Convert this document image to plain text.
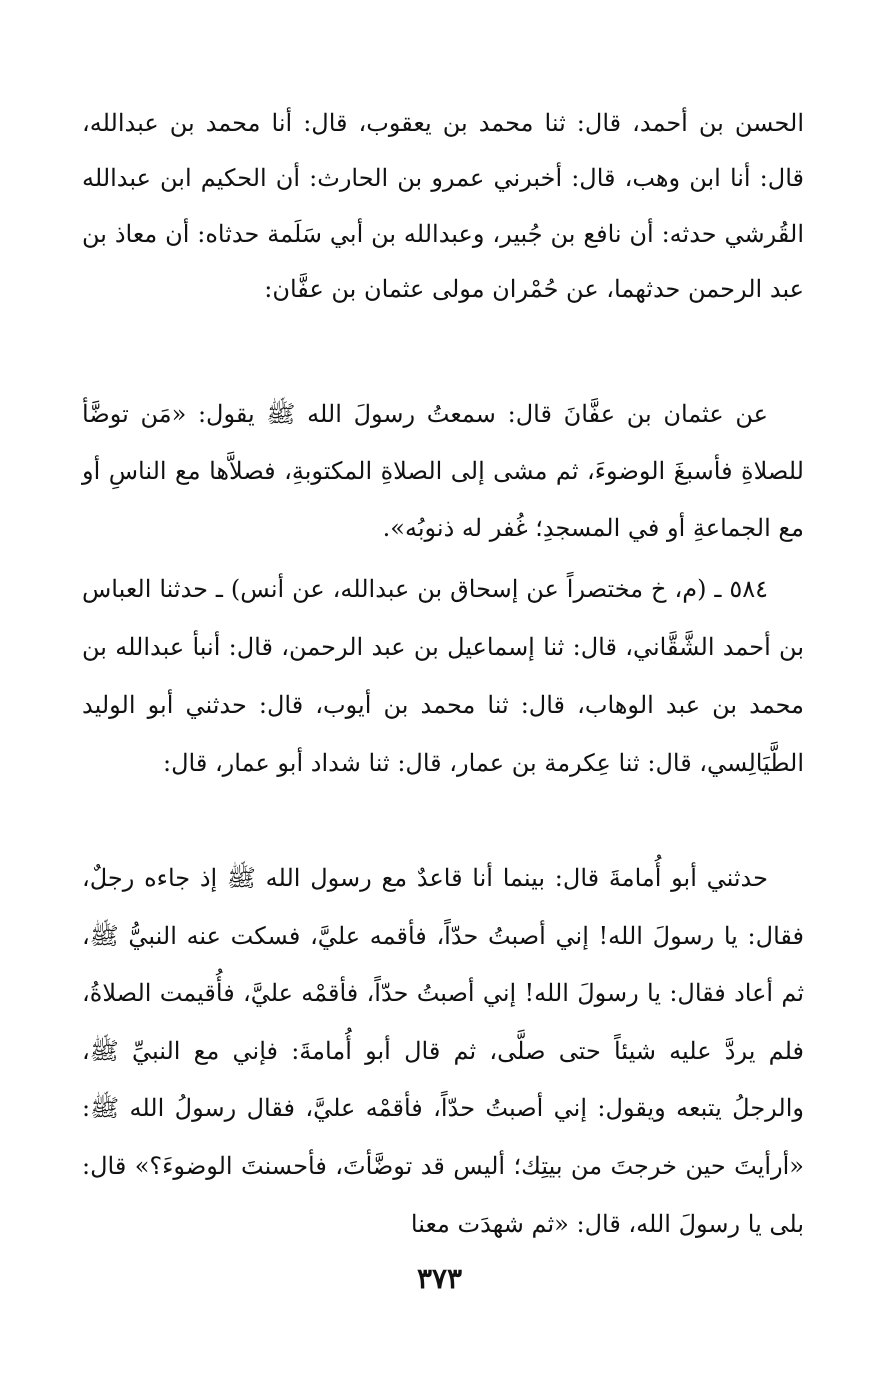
الحسن بن أحمد، قال: ثنا محمد بن يعقوب، قال: أنا محمد بن عبدالله، قال: أنا ابن وهب، قال: أخبرني عمرو بن الحارث: أن الحكيم ابن عبدالله القُرشي حدثه: أن نافع بن جُبير، وعبدالله بن أبي سَلَمة حدثاه: أن معاذ بن عبد الرحمن حدثهما، عن حُمْران مولى عثمان بن عفَّان:

عن عثمان بن عفَّانَ قال: سمعتُ رسولَ الله ﷺ يقول: «مَن توضَّأ للصلاةِ فأسبغَ الوضوءَ، ثم مشى إلى الصلاةِ المكتوبةِ، فصلاَّها مع الناسِ أو مع الجماعةِ أو في المسجدِ؛ غُفر له ذنوبُه».

٥٨٤ ـ (م، خ مختصراً عن إسحاق بن عبدالله، عن أنس) ـ حدثنا العباس بن أحمد الشَّقَّاني، قال: ثنا إسماعيل بن عبد الرحمن، قال: أنبأ عبدالله بن محمد بن عبد الوهاب، قال: ثنا محمد بن أيوب، قال: حدثني أبو الوليد الطَّيَالِسي، قال: ثنا عِكرمة بن عمار، قال: ثنا شداد أبو عمار، قال:

حدثني أبو أُمامةَ قال: بينما أنا قاعدٌ مع رسول الله ﷺ إذ جاءه رجلٌ، فقال: يا رسولَ الله! إني أصبتُ حدّاً، فأقمه عليَّ، فسكت عنه النبيُّ ﷺ، ثم أعاد فقال: يا رسولَ الله! إني أصبتُ حدّاً، فأقمْه عليَّ، فأُقيمت الصلاةُ، فلم يردَّ عليه شيئاً حتى صلَّى، ثم قال أبو أُمامةَ: فإني مع النبيِّ ﷺ، والرجلُ يتبعه ويقول: إني أصبتُ حدّاً، فأقمْه عليَّ، فقال رسولُ الله ﷺ: «أرأيتَ حين خرجتَ من بيتِك؛ أليس قد توضَّأتَ، فأحسنتَ الوضوءَ؟» قال: بلى يا رسولَ الله، قال: «ثم شهدَت معنا

٣٧٣
